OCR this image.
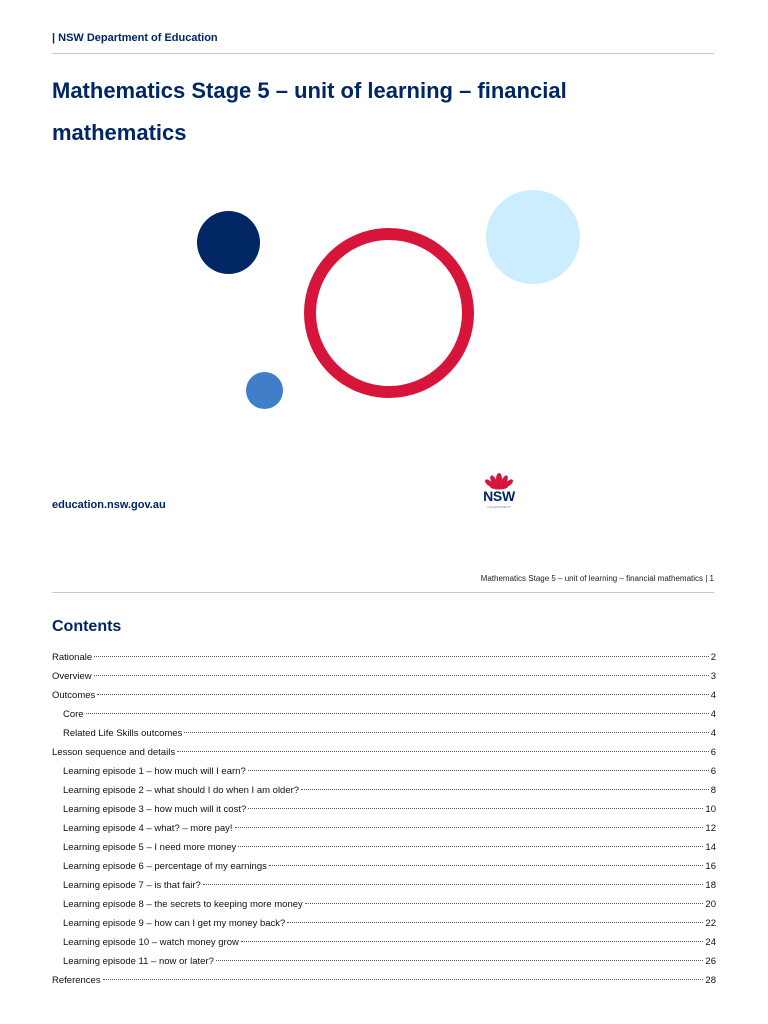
| NSW Department of Education
Mathematics Stage 5 – unit of learning – financial mathematics
education.nsw.gov.au
NSW
GOVERNMENT
Mathematics Stage 5 – unit of learning – financial mathematics | 1
Contents
Rationale	2
Overview	3
Outcomes	4
Core	4
Related Life Skills outcomes	4
Lesson sequence and details	6
Learning episode 1 – how much will I earn?	6
Learning episode 2 – what should I do when I am older?	8
Learning episode 3 – how much will it cost?	10
Learning episode 4 – what? – more pay!	12
Learning episode 5 – I need more money	14
Learning episode 6 – percentage of my earnings	16
Learning episode 7 – is that fair?	18
Learning episode 8 – the secrets to keeping more money	20
Learning episode 9 – how can I get my money back?	22
Learning episode 10 – watch money grow	24
Learning episode 11 – now or later?	26
References	28
